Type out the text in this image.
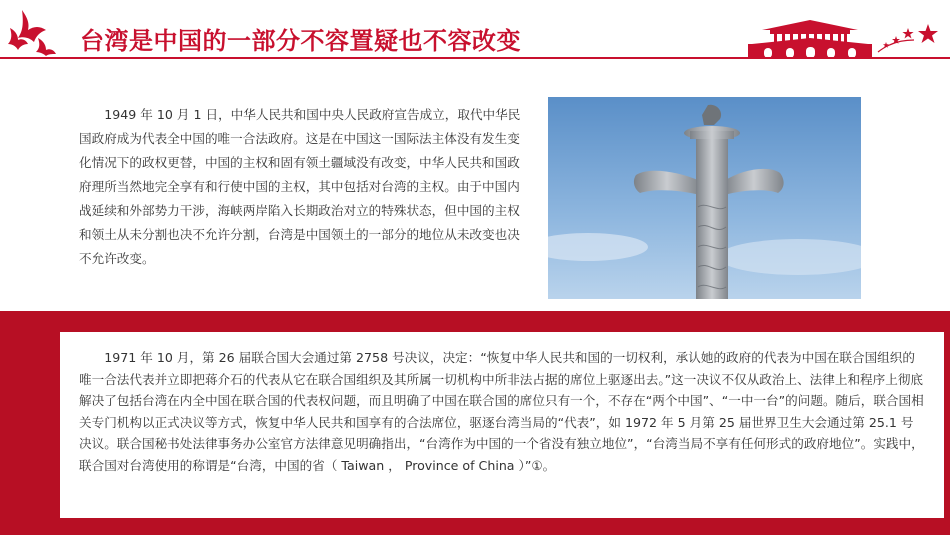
台湾是中国的一部分不容置疑也不容改变

1949 年 10 月 1 日，中华人民共和国中央人民政府宣告成立，取代中华民国政府成为代表全中国的唯一合法政府。这是在中国这一国际法主体没有发生变化情况下的政权更替，中国的主权和固有领土疆域没有改变，中华人民共和国政府理所当然地完全享有和行使中国的主权，其中包括对台湾的主权。由于中国内战延续和外部势力干涉，海峡两岸陷入长期政治对立的特殊状态，但中国的主权和领土从未分割也决不允许分割，台湾是中国领土的一部分的地位从未改变也决不允许改变。

1971 年 10 月，第 26 届联合国大会通过第 2758 号决议，决定：“恢复中华人民共和国的一切权利，承认她的政府的代表为中国在联合国组织的唯一合法代表并立即把蒋介石的代表从它在联合国组织及其所属一切机构中所非法占据的席位上驱逐出去。”这一决议不仅从政治上、法律上和程序上彻底解决了包括台湾在内全中国在联合国的代表权问题，而且明确了中国在联合国的席位只有一个，不存在“两个中国”、“一中一台”的问题。随后，联合国相关专门机构以正式决议等方式，恢复中华人民共和国享有的合法席位，驱逐台湾当局的“代表”，如 1972 年 5 月第 25 届世界卫生大会通过第 25.1 号决议。联合国秘书处法律事务办公室官方法律意见明确指出，“台湾作为中国的一个省没有独立地位”，“台湾当局不享有任何形式的政府地位”。实践中，联合国对台湾使用的称谓是“台湾，中国的省（ Taiwan ， Province of China ）”①。
